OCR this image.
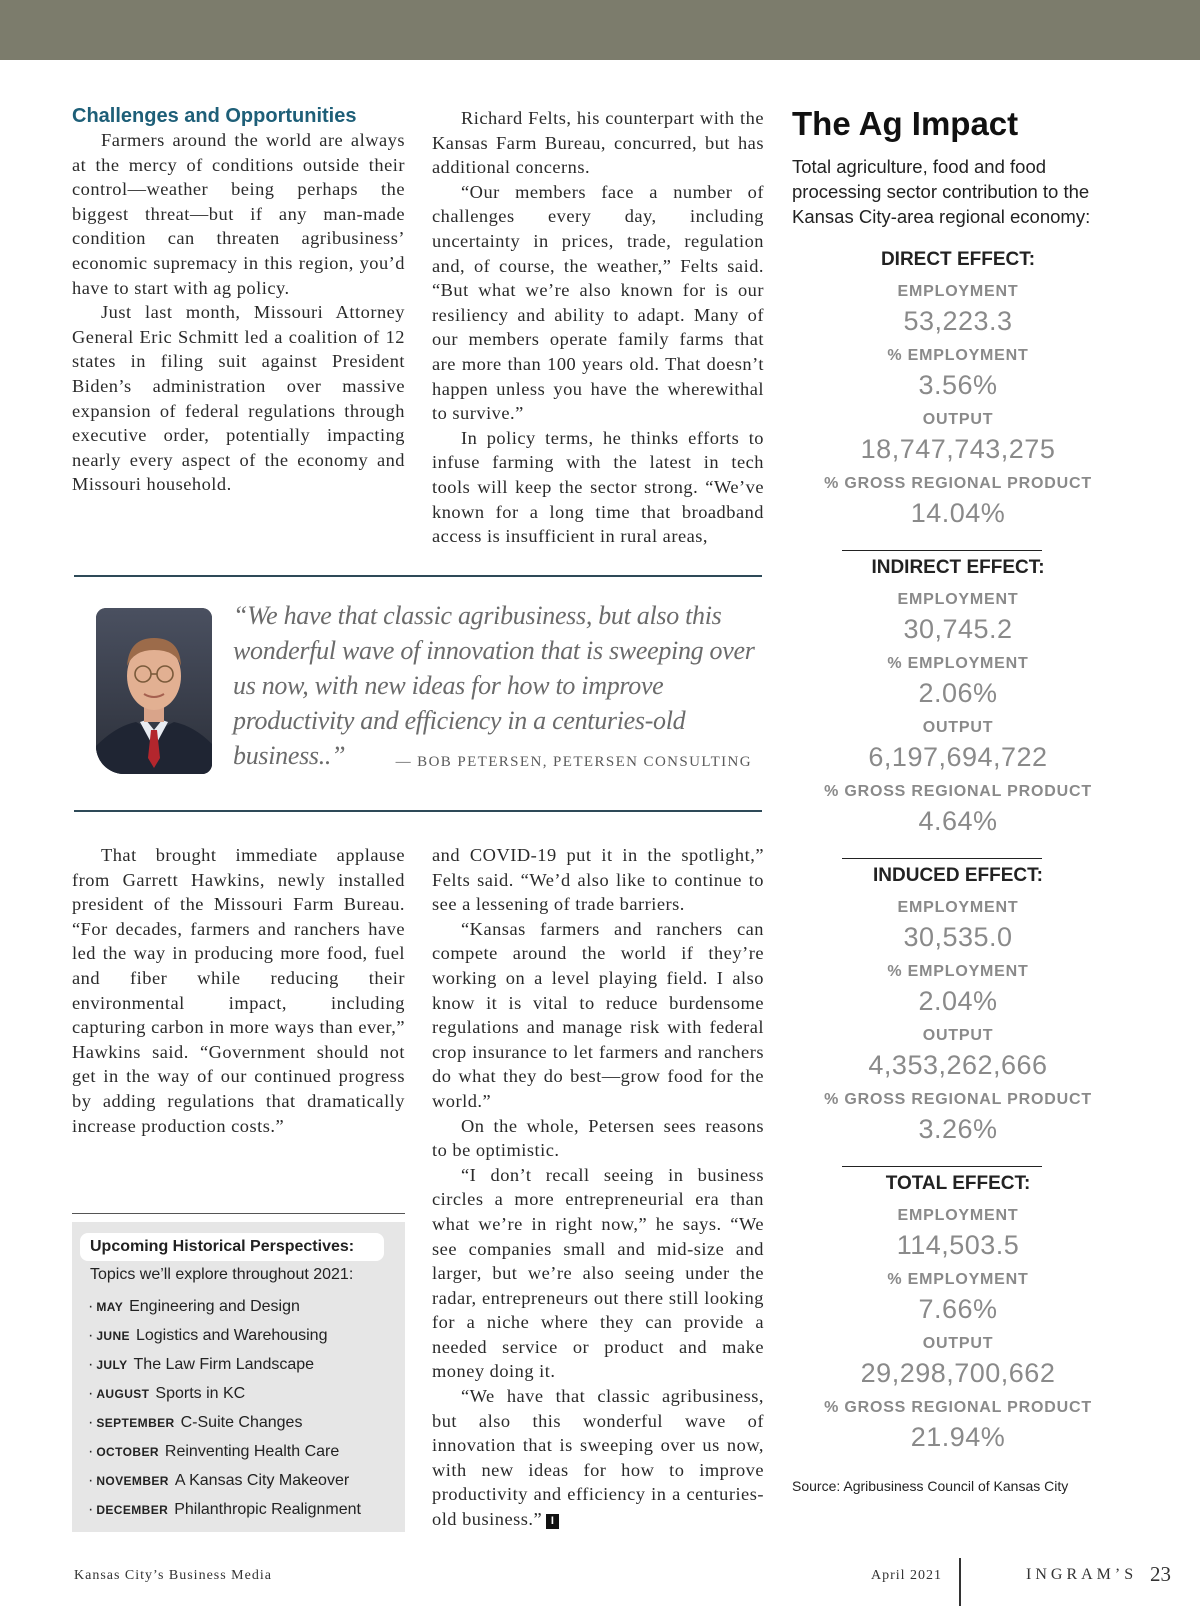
Challenges and Opportunities

Farmers around the world are always at the mercy of conditions outside their control—weather being perhaps the biggest threat—but if any man-made condition can threaten agribusiness’ economic supremacy in this region, you’d have to start with ag policy.

Just last month, Missouri Attorney General Eric Schmitt led a coalition of 12 states in filing suit against President Biden’s administration over massive expansion of federal regulations through executive order, potentially impacting nearly every aspect of the economy and Missouri household.

Richard Felts, his counterpart with the Kansas Farm Bureau, concurred, but has additional concerns.

“Our members face a number of challenges every day, including uncertainty in prices, trade, regulation and, of course, the weather,” Felts said. “But what we’re also known for is our resiliency and ability to adapt. Many of our members operate family farms that are more than 100 years old. That doesn’t happen unless you have the wherewithal to survive.”

In policy terms, he thinks efforts to infuse farming with the latest in tech tools will keep the sector strong. “We’ve known for a long time that broadband access is insufficient in rural areas,

“We have that classic agribusiness, but also this wonderful wave of innovation that is sweeping over us now, with new ideas for how to improve productivity and efficiency in a centuries-old business..”	— BOB PETERSEN, PETERSEN CONSULTING

That brought immediate applause from Garrett Hawkins, newly installed president of the Missouri Farm Bureau. “For decades, farmers and ranchers have led the way in producing more food, fuel and fiber while reducing their environmental impact, including capturing carbon in more ways than ever,” Hawkins said. “Government should not get in the way of our continued progress by adding regulations that dramatically increase production costs.”

and COVID-19 put it in the spotlight,” Felts said. “We’d also like to continue to see a lessening of trade barriers.

“Kansas farmers and ranchers can compete around the world if they’re working on a level playing field. I also know it is vital to reduce burdensome regulations and manage risk with federal crop insurance to let farmers and ranchers do what they do best—grow food for the world.”

On the whole, Petersen sees reasons to be optimistic.

“I don’t recall seeing in business circles a more entrepreneurial era than what we’re in right now,” he says. “We see companies small and mid-size and larger, but we’re also seeing under the radar, entrepreneurs out there still looking for a niche where they can provide a needed service or product and make money doing it.

“We have that classic agribusiness, but also this wonderful wave of innovation that is sweeping over us now, with new ideas for how to improve productivity and efficiency in a centuries-old business.” I

Upcoming Historical Perspectives:
Topics we’ll explore throughout 2021:
· MAY Engineering and Design
· JUNE Logistics and Warehousing
· JULY The Law Firm Landscape
· AUGUST Sports in KC
· SEPTEMBER C-Suite Changes
· OCTOBER Reinventing Health Care
· NOVEMBER A Kansas City Makeover
· DECEMBER Philanthropic Realignment
The Ag Impact
Total agriculture, food and food processing sector contribution to the Kansas City-area regional economy:
DIRECT EFFECT:
EMPLOYMENT
53,223.3
% EMPLOYMENT
3.56%
OUTPUT
18,747,743,275
% GROSS REGIONAL PRODUCT
14.04%
INDIRECT EFFECT:
EMPLOYMENT
30,745.2
% EMPLOYMENT
2.06%
OUTPUT
6,197,694,722
% GROSS REGIONAL PRODUCT
4.64%
INDUCED EFFECT:
EMPLOYMENT
30,535.0
% EMPLOYMENT
2.04%
OUTPUT
4,353,262,666
% GROSS REGIONAL PRODUCT
3.26%
TOTAL EFFECT:
EMPLOYMENT
114,503.5
% EMPLOYMENT
7.66%
OUTPUT
29,298,700,662
% GROSS REGIONAL PRODUCT
21.94%
Source: Agribusiness Council of Kansas City
Kansas City’s Business Media	April 2021	INGRAM’S 23
